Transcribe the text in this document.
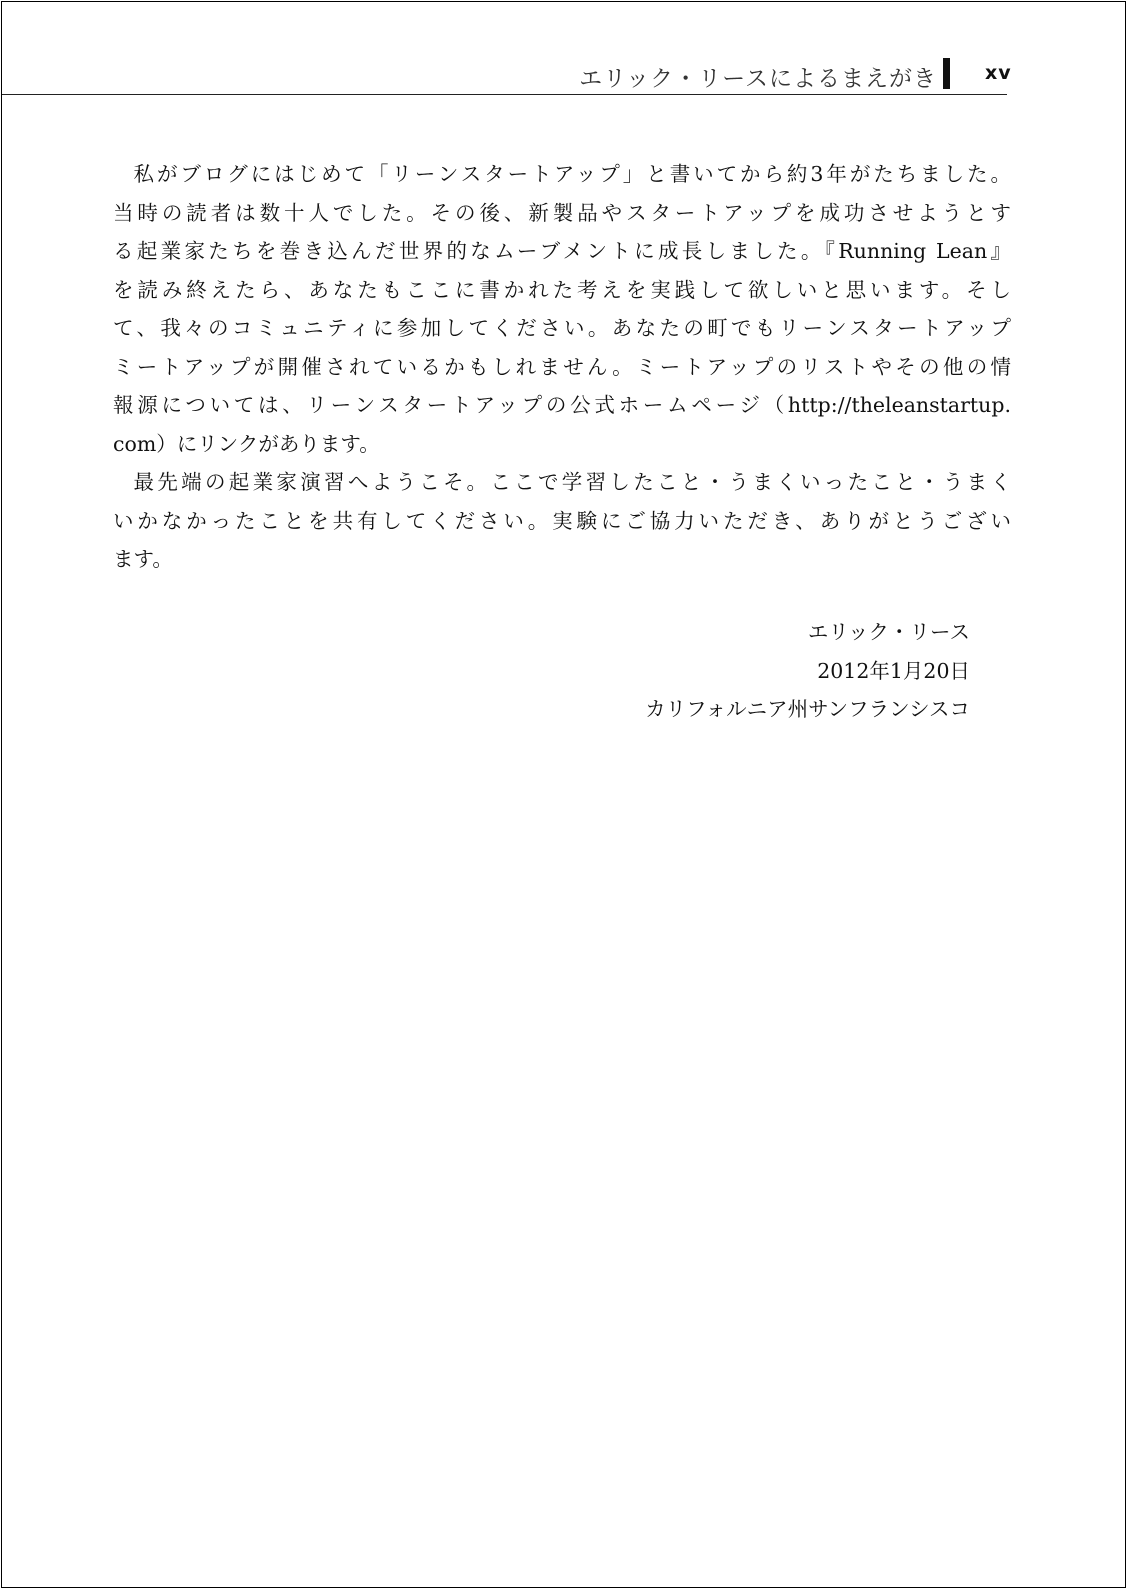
エリック・リースによるまえがき	xv

私がブログにはじめて「リーンスタートアップ」と書いてから約3年がたちました。
当時の読者は数十人でした。その後、新製品やスタートアップを成功させようとす
る起業家たちを巻き込んだ世界的なムーブメントに成長しました。『Running Lean』
を読み終えたら、あなたもここに書かれた考えを実践して欲しいと思います。そし
て、我々のコミュニティに参加してください。あなたの町でもリーンスタートアップ
ミートアップが開催されているかもしれません。ミートアップのリストやその他の情
報源については、リーンスタートアップの公式ホームページ（http://theleanstartup.
com）にリンクがあります。

最先端の起業家演習へようこそ。ここで学習したこと・うまくいったこと・うまく
いかなかったことを共有してください。実験にご協力いただき、ありがとうござい
ます。

エリック・リース
2012年1月20日
カリフォルニア州サンフランシスコ
